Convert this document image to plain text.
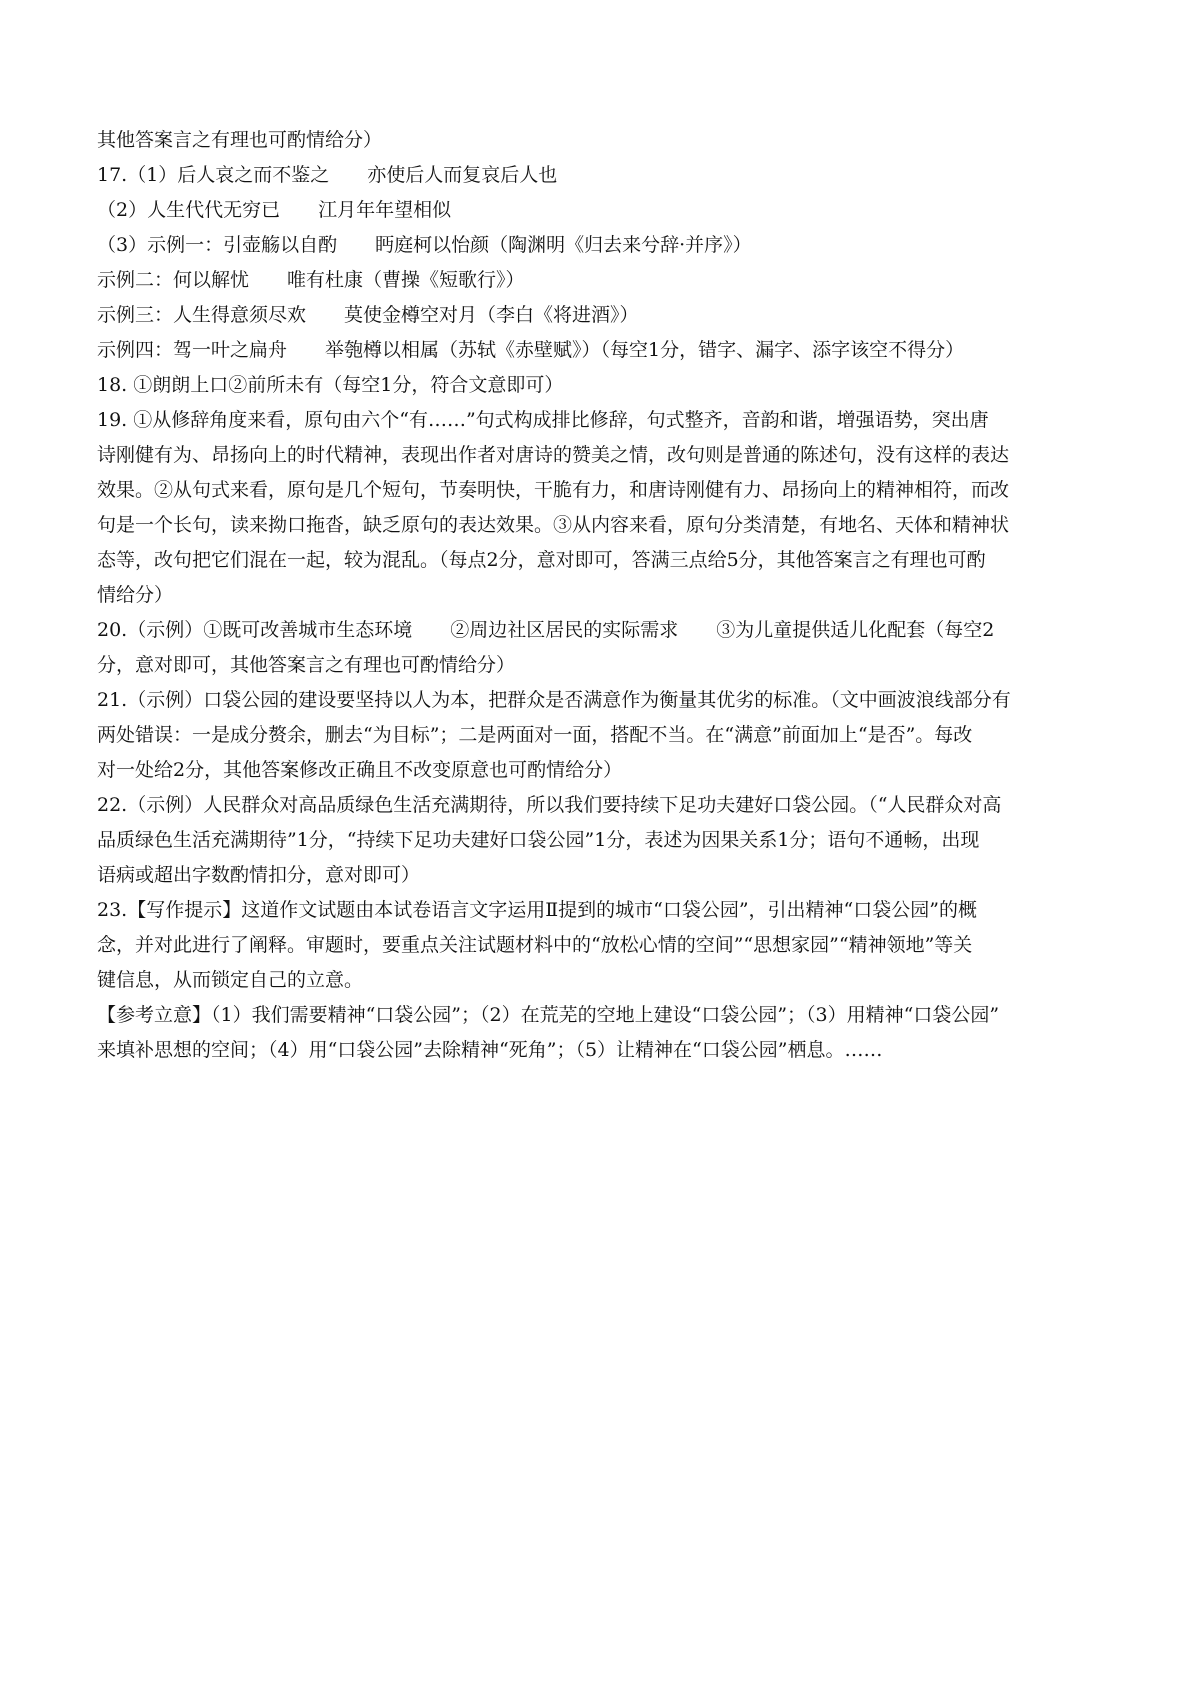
其他答案言之有理也可酌情给分）
17.（1）后人哀之而不鉴之　　亦使后人而复哀后人也
（2）人生代代无穷已　　江月年年望相似
（3）示例一：引壶觞以自酌　　眄庭柯以怡颜（陶渊明《归去来兮辞·并序》）
示例二：何以解忧　　唯有杜康（曹操《短歌行》）
示例三：人生得意须尽欢　　莫使金樽空对月（李白《将进酒》）
示例四：驾一叶之扁舟　　举匏樽以相属（苏轼《赤壁赋》）（每空1分，错字、漏字、添字该空不得分）
18. ①朗朗上口②前所未有（每空1分，符合文意即可）
19. ①从修辞角度来看，原句由六个“有……”句式构成排比修辞，句式整齐，音韵和谐，增强语势，突出唐
诗刚健有为、昂扬向上的时代精神，表现出作者对唐诗的赞美之情，改句则是普通的陈述句，没有这样的表达
效果。②从句式来看，原句是几个短句，节奏明快，干脆有力，和唐诗刚健有力、昂扬向上的精神相符，而改
句是一个长句，读来拗口拖沓，缺乏原句的表达效果。③从内容来看，原句分类清楚，有地名、天体和精神状
态等，改句把它们混在一起，较为混乱。（每点2分，意对即可，答满三点给5分，其他答案言之有理也可酌
情给分）
20.（示例）①既可改善城市生态环境　　②周边社区居民的实际需求　　③为儿童提供适儿化配套（每空2
分，意对即可，其他答案言之有理也可酌情给分）
21.（示例）口袋公园的建设要坚持以人为本，把群众是否满意作为衡量其优劣的标准。（文中画波浪线部分有
两处错误：一是成分赘余，删去“为目标”；二是两面对一面，搭配不当。在“满意”前面加上“是否”。每改
对一处给2分，其他答案修改正确且不改变原意也可酌情给分）
22.（示例）人民群众对高品质绿色生活充满期待，所以我们要持续下足功夫建好口袋公园。（“人民群众对高
品质绿色生活充满期待”1分，“持续下足功夫建好口袋公园”1分，表述为因果关系1分；语句不通畅，出现
语病或超出字数酌情扣分，意对即可）
23.【写作提示】这道作文试题由本试卷语言文字运用Ⅱ提到的城市“口袋公园”，引出精神“口袋公园”的概
念，并对此进行了阐释。审题时，要重点关注试题材料中的“放松心情的空间”“思想家园”“精神领地”等关
键信息，从而锁定自己的立意。
【参考立意】（1）我们需要精神“口袋公园”；（2）在荒芜的空地上建设“口袋公园”；（3）用精神“口袋公园”
来填补思想的空间；（4）用“口袋公园”去除精神“死角”；（5）让精神在“口袋公园”栖息。……
